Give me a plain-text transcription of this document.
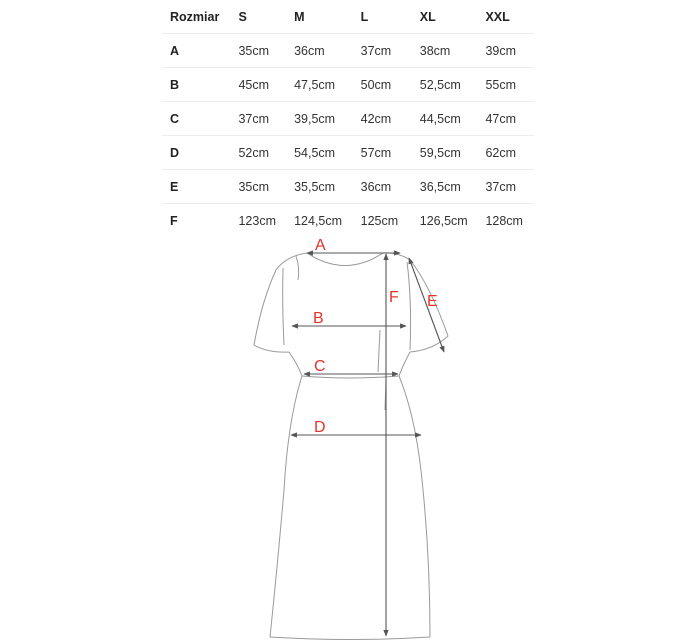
Rozmiar	S	M	L	XL	XXL
A	35cm	36cm	37cm	38cm	39cm
B	45cm	47,5cm	50cm	52,5cm	55cm
C	37cm	39,5cm	42cm	44,5cm	47cm
D	52cm	54,5cm	57cm	59,5cm	62cm
E	35cm	35,5cm	36cm	36,5cm	37cm
F	123cm	124,5cm	125cm	126,5cm	128cm
A
B
C
D
E
F
